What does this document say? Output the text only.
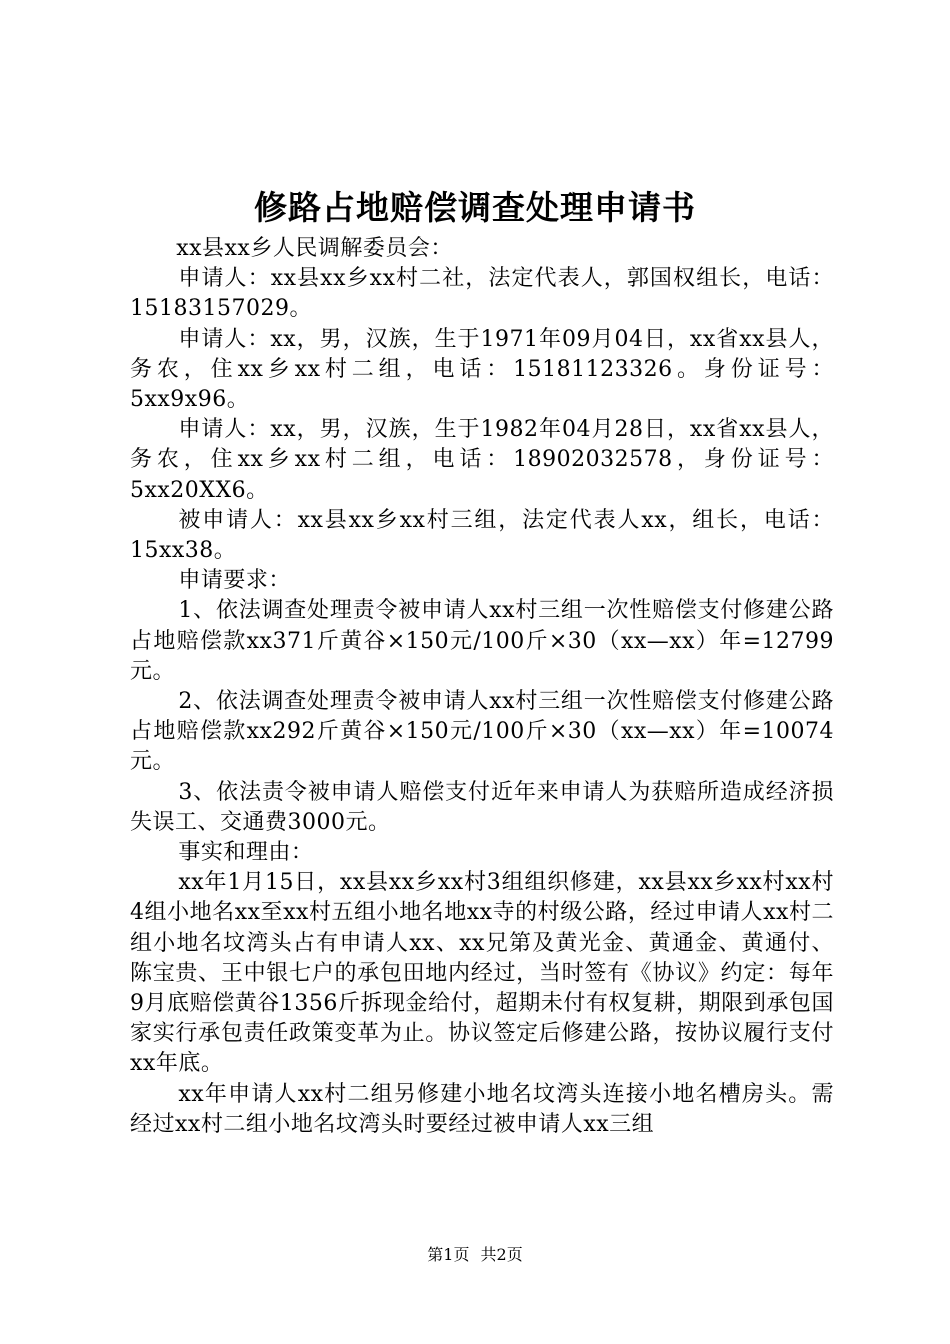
修路占地赔偿调查处理申请书

xx县xx乡人民调解委员会：

申请人：xx县xx乡xx村二社，法定代表人，郭国权组长，电话：15183157029。

申请人：xx，男，汉族，生于1971年09月04日，xx省xx县人，务农，住xx乡xx村二组，电话：15181123326。身份证号：5xx9x96。

申请人：xx，男，汉族，生于1982年04月28日，xx省xx县人，务农，住xx乡xx村二组，电话：18902032578，身份证号：5xx20XX6。

被申请人：xx县xx乡xx村三组，法定代表人xx，组长，电话：15xx38。

申请要求：

1、依法调查处理责令被申请人xx村三组一次性赔偿支付修建公路占地赔偿款xx371斤黄谷×150元/100斤×30（xx—xx）年=12799元。

2、依法调查处理责令被申请人xx村三组一次性赔偿支付修建公路占地赔偿款xx292斤黄谷×150元/100斤×30（xx—xx）年=10074元。

3、依法责令被申请人赔偿支付近年来申请人为获赔所造成经济损失误工、交通费3000元。

事实和理由：

xx年1月15日，xx县xx乡xx村3组组织修建，xx县xx乡xx村xx村4组小地名xx至xx村五组小地名地xx寺的村级公路，经过申请人xx村二组小地名坟湾头占有申请人xx、xx兄第及黄光金、黄通金、黄通付、陈宝贵、王中银七户的承包田地内经过，当时签有《协议》约定：每年9月底赔偿黄谷1356斤拆现金给付，超期未付有权复耕，期限到承包国家实行承包责任政策变革为止。协议签定后修建公路，按协议履行支付xx年底。

xx年申请人xx村二组另修建小地名坟湾头连接小地名槽房头。需经过xx村二组小地名坟湾头时要经过被申请人xx三组

第1页 共2页
